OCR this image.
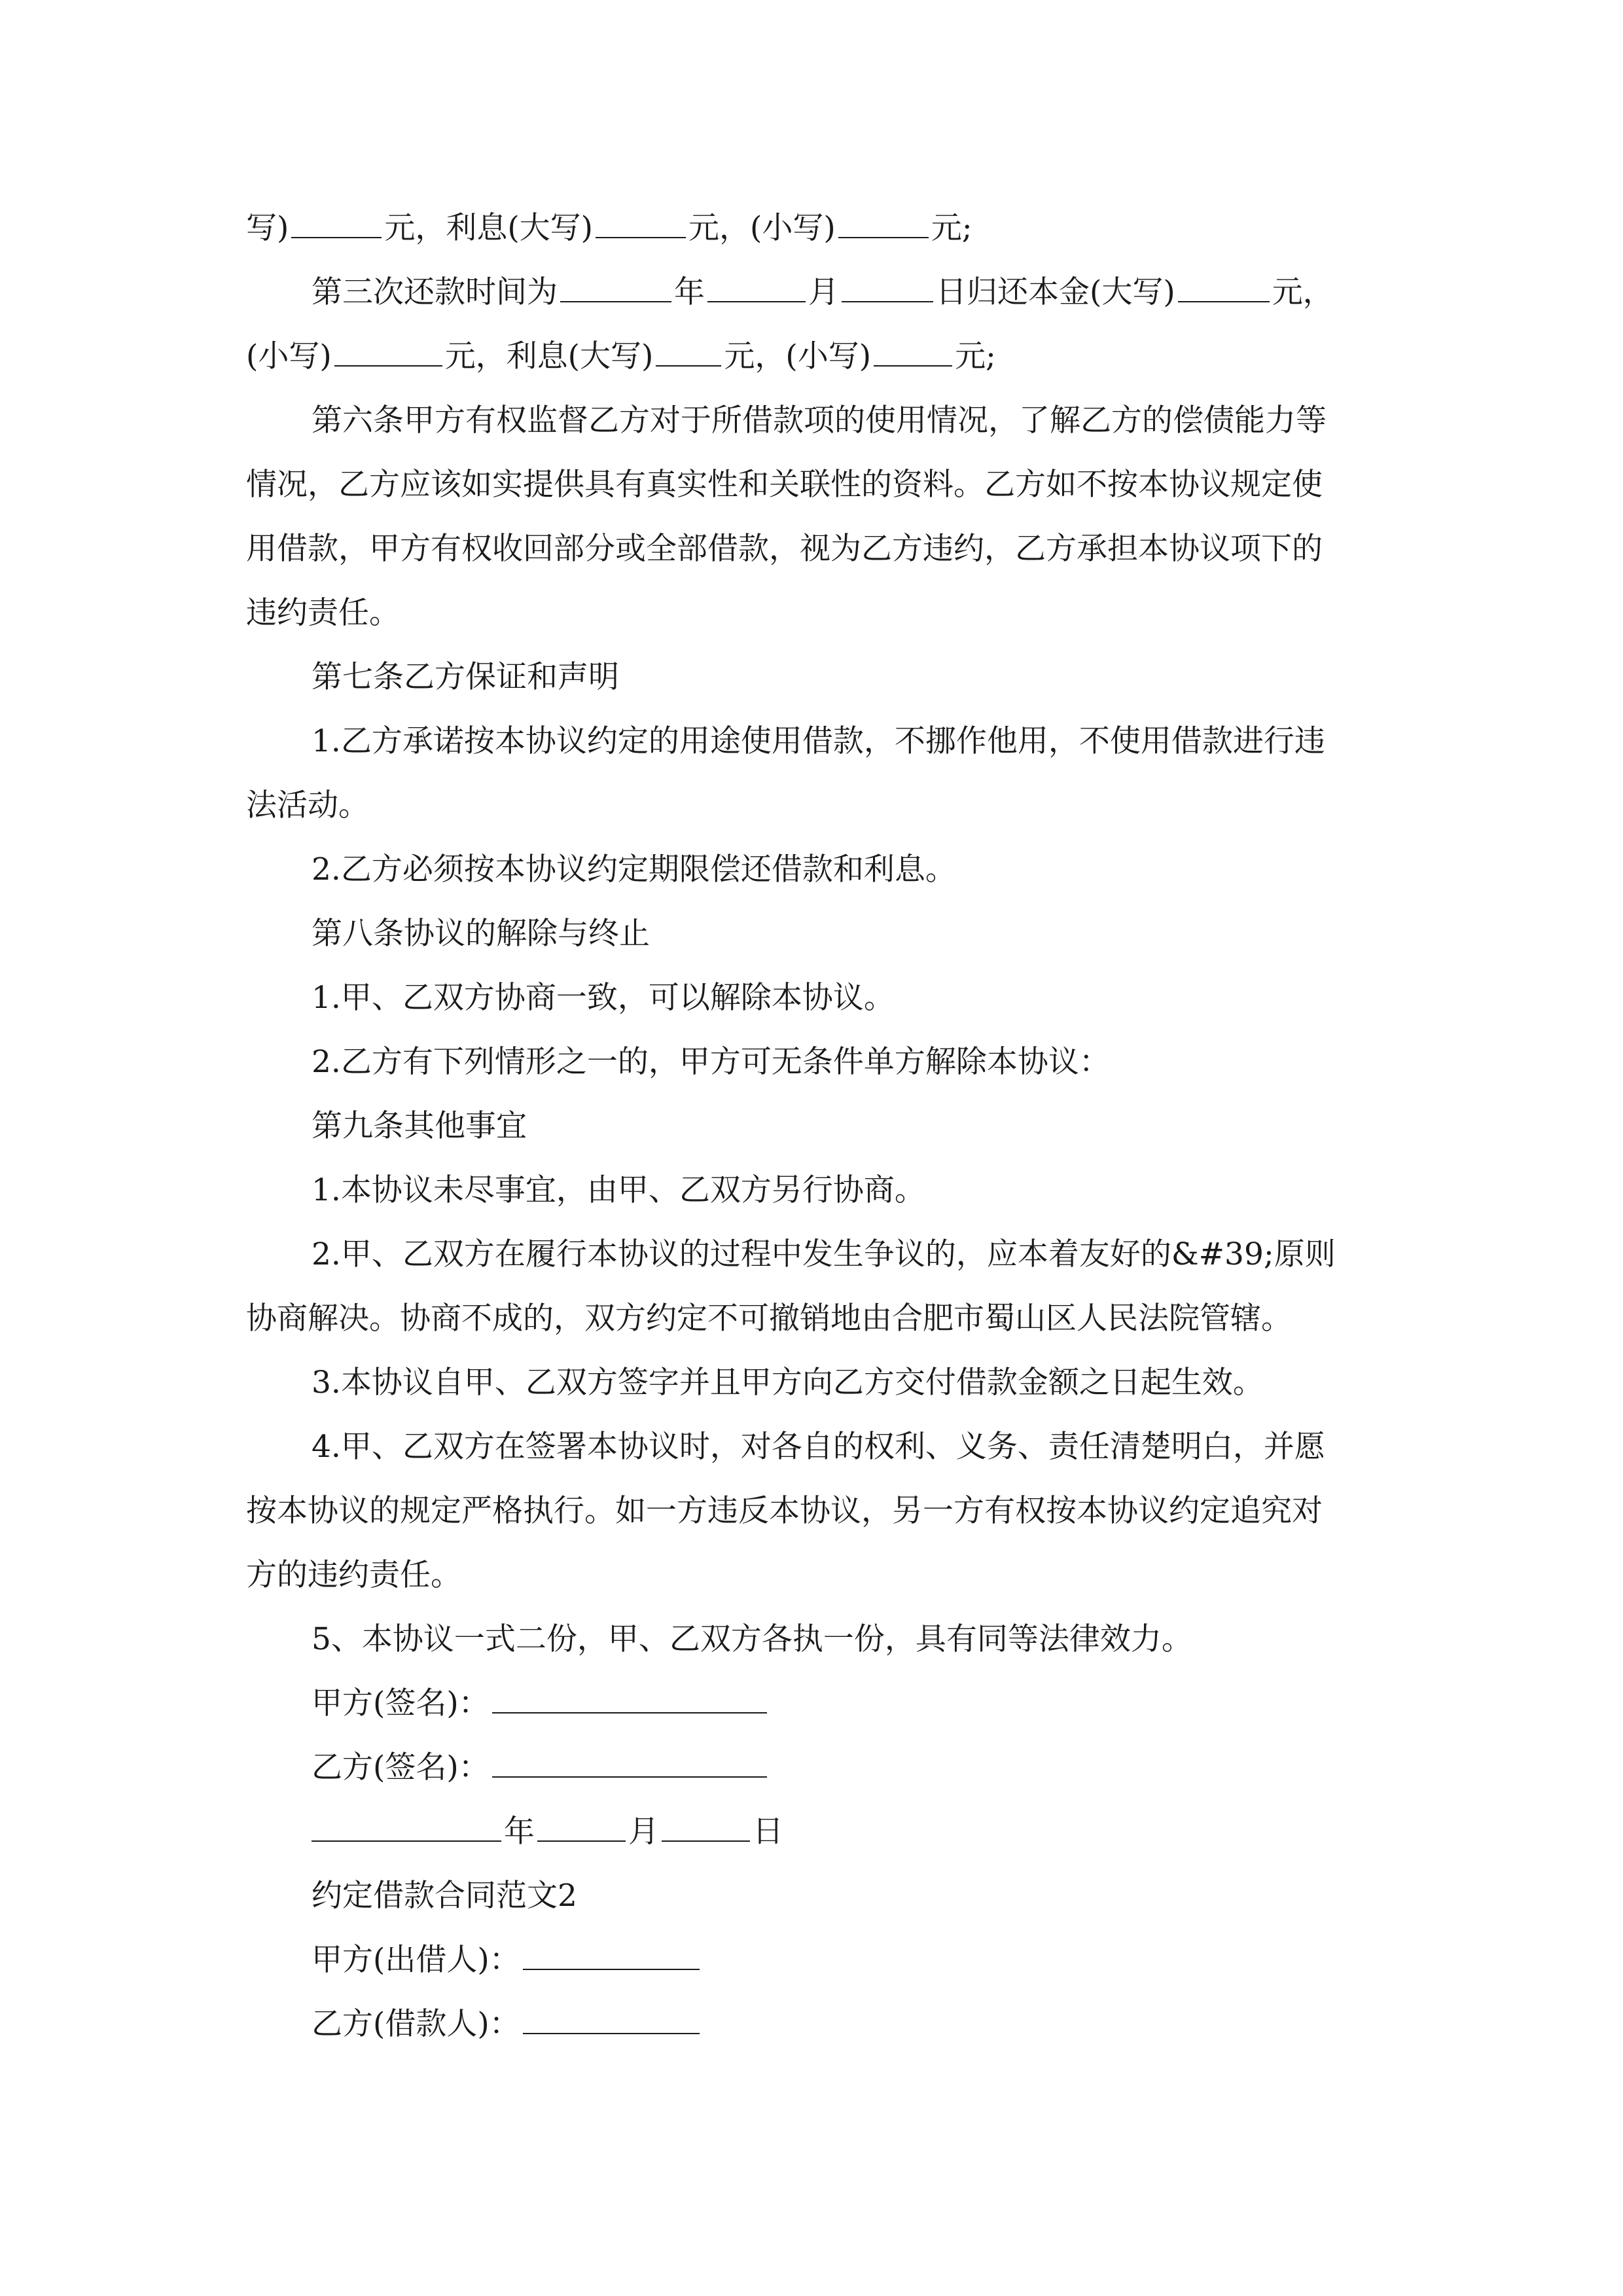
写)	元，利息(大写)	元，(小写)	元;
第三次还款时间为	年	月	日归还本金(大写)	元，
(小写)	元，利息(大写) 元，(小写)	元;
第六条甲方有权监督乙方对于所借款项的使用情况，了解乙方的偿债能力等
情况，乙方应该如实提供具有真实性和关联性的资料。乙方如不按本协议规定使
用借款，甲方有权收回部分或全部借款，视为乙方违约，乙方承担本协议项下的
违约责任。
第七条乙方保证和声明
1.乙方承诺按本协议约定的用途使用借款，不挪作他用，不使用借款进行违
法活动。
2.乙方必须按本协议约定期限偿还借款和利息。
第八条协议的解除与终止
1.甲、乙双方协商一致，可以解除本协议。
2.乙方有下列情形之一的，甲方可无条件单方解除本协议：
第九条其他事宜
1.本协议未尽事宜，由甲、乙双方另行协商。
2.甲、乙双方在履行本协议的过程中发生争议的，应本着友好的&#39;原则
协商解决。协商不成的，双方约定不可撤销地由合肥市蜀山区人民法院管辖。
3.本协议自甲、乙双方签字并且甲方向乙方交付借款金额之日起生效。
4.甲、乙双方在签署本协议时，对各自的权利、义务、责任清楚明白，并愿
按本协议的规定严格执行。如一方违反本协议，另一方有权按本协议约定追究对
方的违约责任。
5、本协议一式二份，甲、乙双方各执一份，具有同等法律效力。
甲方(签名)：
乙方(签名)：
年	月	日
约定借款合同范文2
甲方(出借人)：
乙方(借款人)：
